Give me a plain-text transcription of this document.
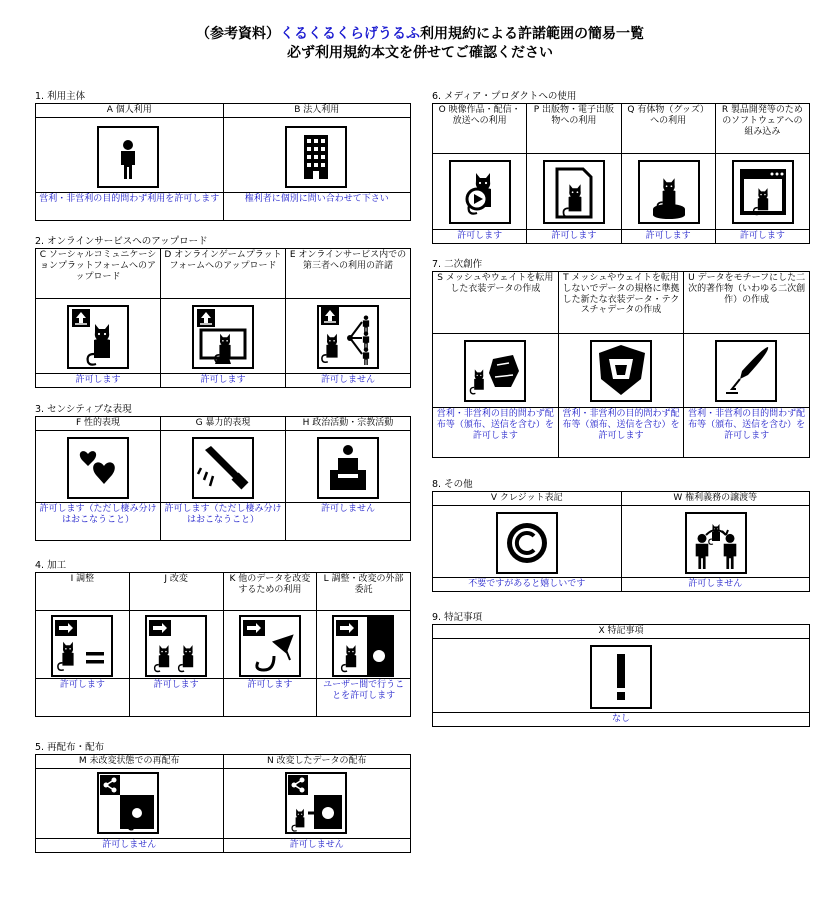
（参考資料）くるくるくらげうるふ利用規約による許諾範囲の簡易一覧
必ず利用規約本文を併せてご確認ください
1. 利用主体
A 個人利用	B 法人利用

営利・非営利の目的問わず利用を許可します	権利者に個別に問い合わせて下さい
2. オンラインサービスへのアップロード
C ソーシャルコミュニケーションプラットフォームへのアップロード	D オンラインゲームプラットフォームへのアップロード	E オンラインサービス内での第三者への利用の許諾

許可します	許可します	許可しません
3. センシティブな表現
F 性的表現	G 暴力的表現	H 政治活動・宗教活動

許可します（ただし棲み分けはおこなうこと）	許可します（ただし棲み分けはおこなうこと）	許可しません
4. 加工
I 調整	J 改変	K 他のデータを改変するための利用	L 調整・改変の外部委託

許可します	許可します	許可します	ユーザー間で行うことを許可します
5. 再配布・配布
M 未改変状態での再配布	N 改変したデータの配布

許可しません	許可しません
6. メディア・プロダクトへの使用
O 映像作品・配信・放送への利用	P 出版物・電子出版物への利用	Q 有体物（グッズ）への利用	R 製品開発等のためのソフトウェアへの組み込み

許可します	許可します	許可します	許可します
7. 二次創作
S メッシュやウェイトを転用した衣装データの作成	T メッシュやウェイトを転用しないでデータの規格に準拠した新たな衣装データ・テクスチャデータの作成	U データをモチーフにした二次的著作物（いわゆる二次創作）の作成

営利・非営利の目的問わず配布等（頒布、送信を含む）を許可します	営利・非営利の目的問わず配布等（頒布、送信を含む）を許可します	営利・非営利の目的問わず配布等（頒布、送信を含む）を許可します
8. その他
V クレジット表記	W 権利義務の譲渡等

不要ですがあると嬉しいです	許可しません
9. 特記事項
X 特記事項

なし
